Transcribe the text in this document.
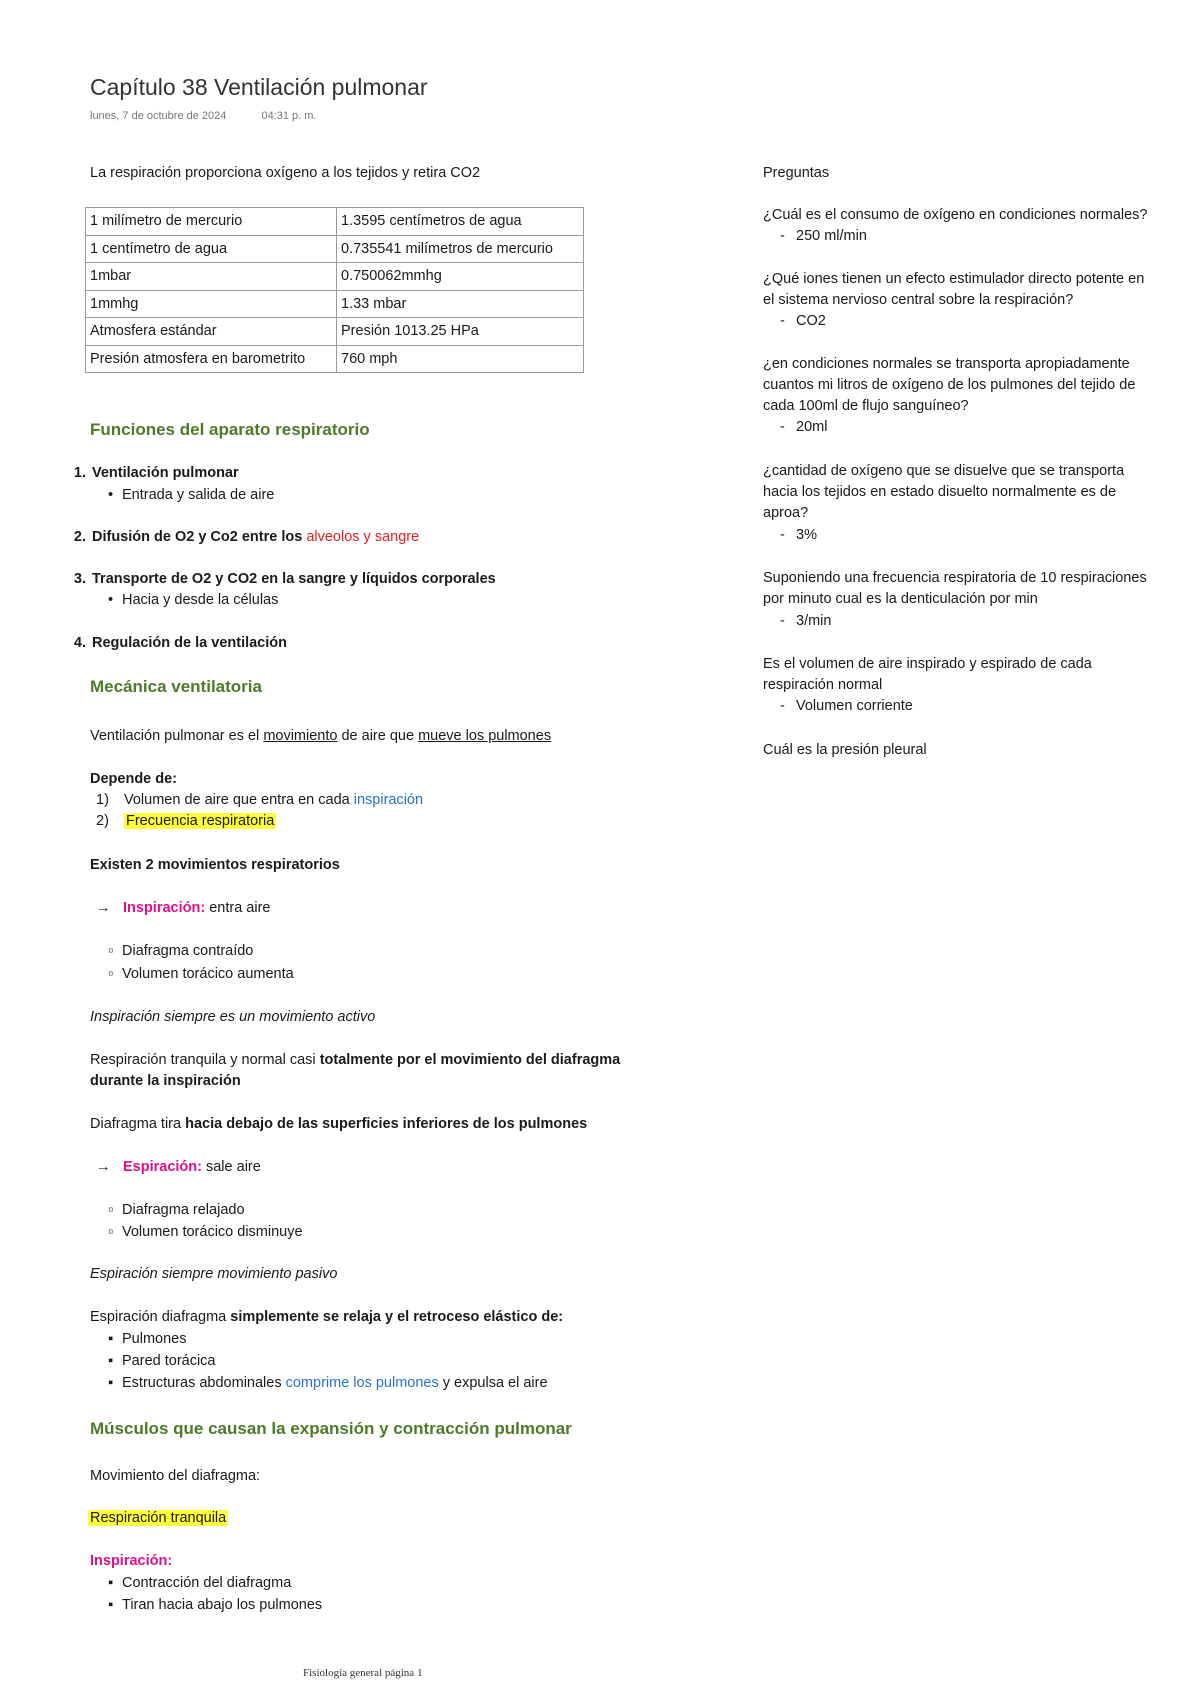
Capítulo 38 Ventilación pulmonar
lunes, 7 de octubre de 2024	04:31 p. m.
La respiración proporciona oxígeno a los tejidos y retira CO2
1 milímetro de mercurio	1.3595 centímetros de agua
1 centímetro de agua	0.735541 milímetros de mercurio
1mbar	0.750062mmhg
1mmhg	1.33 mbar
Atmosfera estándar	Presión 1013.25 HPa
Presión atmosfera en barometrito	760 mph
Funciones del aparato respiratorio
1. Ventilación pulmonar
• Entrada y salida de aire
2. Difusión de O2 y Co2 entre los alveolos y sangre
3. Transporte de O2 y CO2 en la sangre y líquidos corporales
• Hacia y desde la células
4. Regulación de la ventilación
Mecánica ventilatoria
Ventilación pulmonar es el movimiento de aire que mueve los pulmones
Depende de:
1) Volumen de aire que entra en cada inspiración
2) Frecuencia respiratoria
Existen 2 movimientos respiratorios
→ Inspiración: entra aire
▫ Diafragma contraído
▫ Volumen torácico aumenta
Inspiración siempre es un movimiento activo
Respiración tranquila y normal casi totalmente por el movimiento del diafragma
durante la inspiración
Diafragma tira hacia debajo de las superficies inferiores de los pulmones
→ Espiración: sale aire
▫ Diafragma relajado
▫ Volumen torácico disminuye
Espiración siempre movimiento pasivo
Espiración diafragma simplemente se relaja y el retroceso elástico de:
▪ Pulmones
▪ Pared torácica
▪ Estructuras abdominales comprime los pulmones y expulsa el aire
Músculos que causan la expansión y contracción pulmonar
Movimiento del diafragma:
Respiración tranquila
Inspiración:
▪ Contracción del diafragma
▪ Tiran hacia abajo los pulmones
Preguntas
¿Cuál es el consumo de oxígeno en condiciones normales?
- 250 ml/min
¿Qué iones tienen un efecto estimulador directo potente en
el sistema nervioso central sobre la respiración?
- CO2
¿en condiciones normales se transporta apropiadamente
cuantos mi litros de oxígeno de los pulmones del tejido de
cada 100ml de flujo sanguíneo?
- 20ml
¿cantidad de oxígeno que se disuelve que se transporta
hacia los tejidos en estado disuelto normalmente es de
aproa?
- 3%
Suponiendo una frecuencia respiratoria de 10 respiraciones
por minuto cual es la denticulación por min
- 3/min
Es el volumen de aire inspirado y espirado de cada
respiración normal
- Volumen corriente
Cuál es la presión pleural
Fisiología general página 1
